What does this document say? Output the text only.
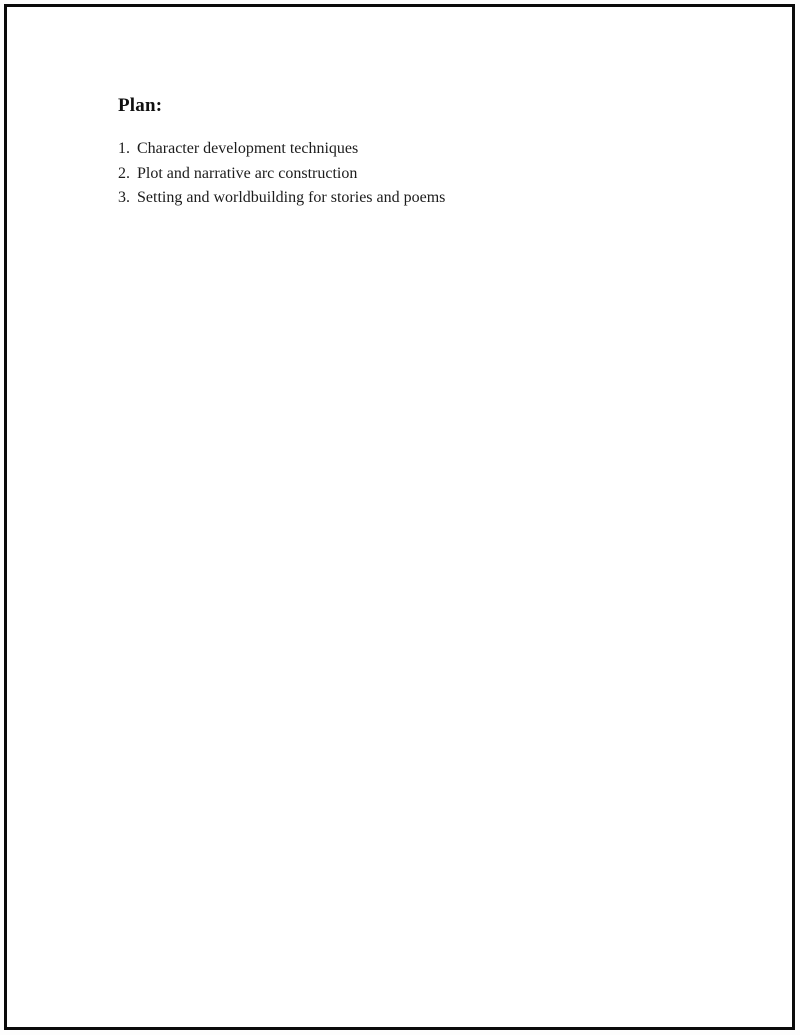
Plan:
1. Character development techniques
2. Plot and narrative arc construction
3. Setting and worldbuilding for stories and poems
